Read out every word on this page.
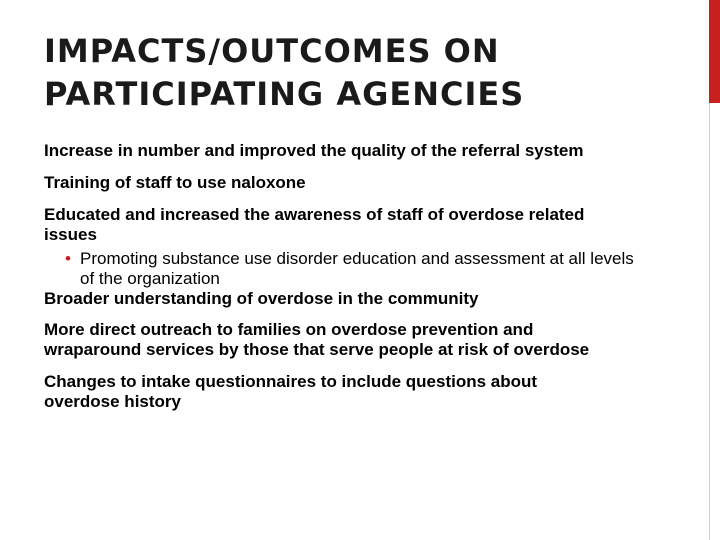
IMPACTS/OUTCOMES ON
PARTICIPATING AGENCIES

Increase in number and improved the quality of the referral system

Training of staff to use naloxone

Educated and increased the awareness of staff of overdose related issues

• Promoting substance use disorder education and assessment at all levels of the organization

Broader understanding of overdose in the community

More direct outreach to families on overdose prevention and wraparound services by those that serve people at risk of overdose

Changes to intake questionnaires to include questions about overdose history
